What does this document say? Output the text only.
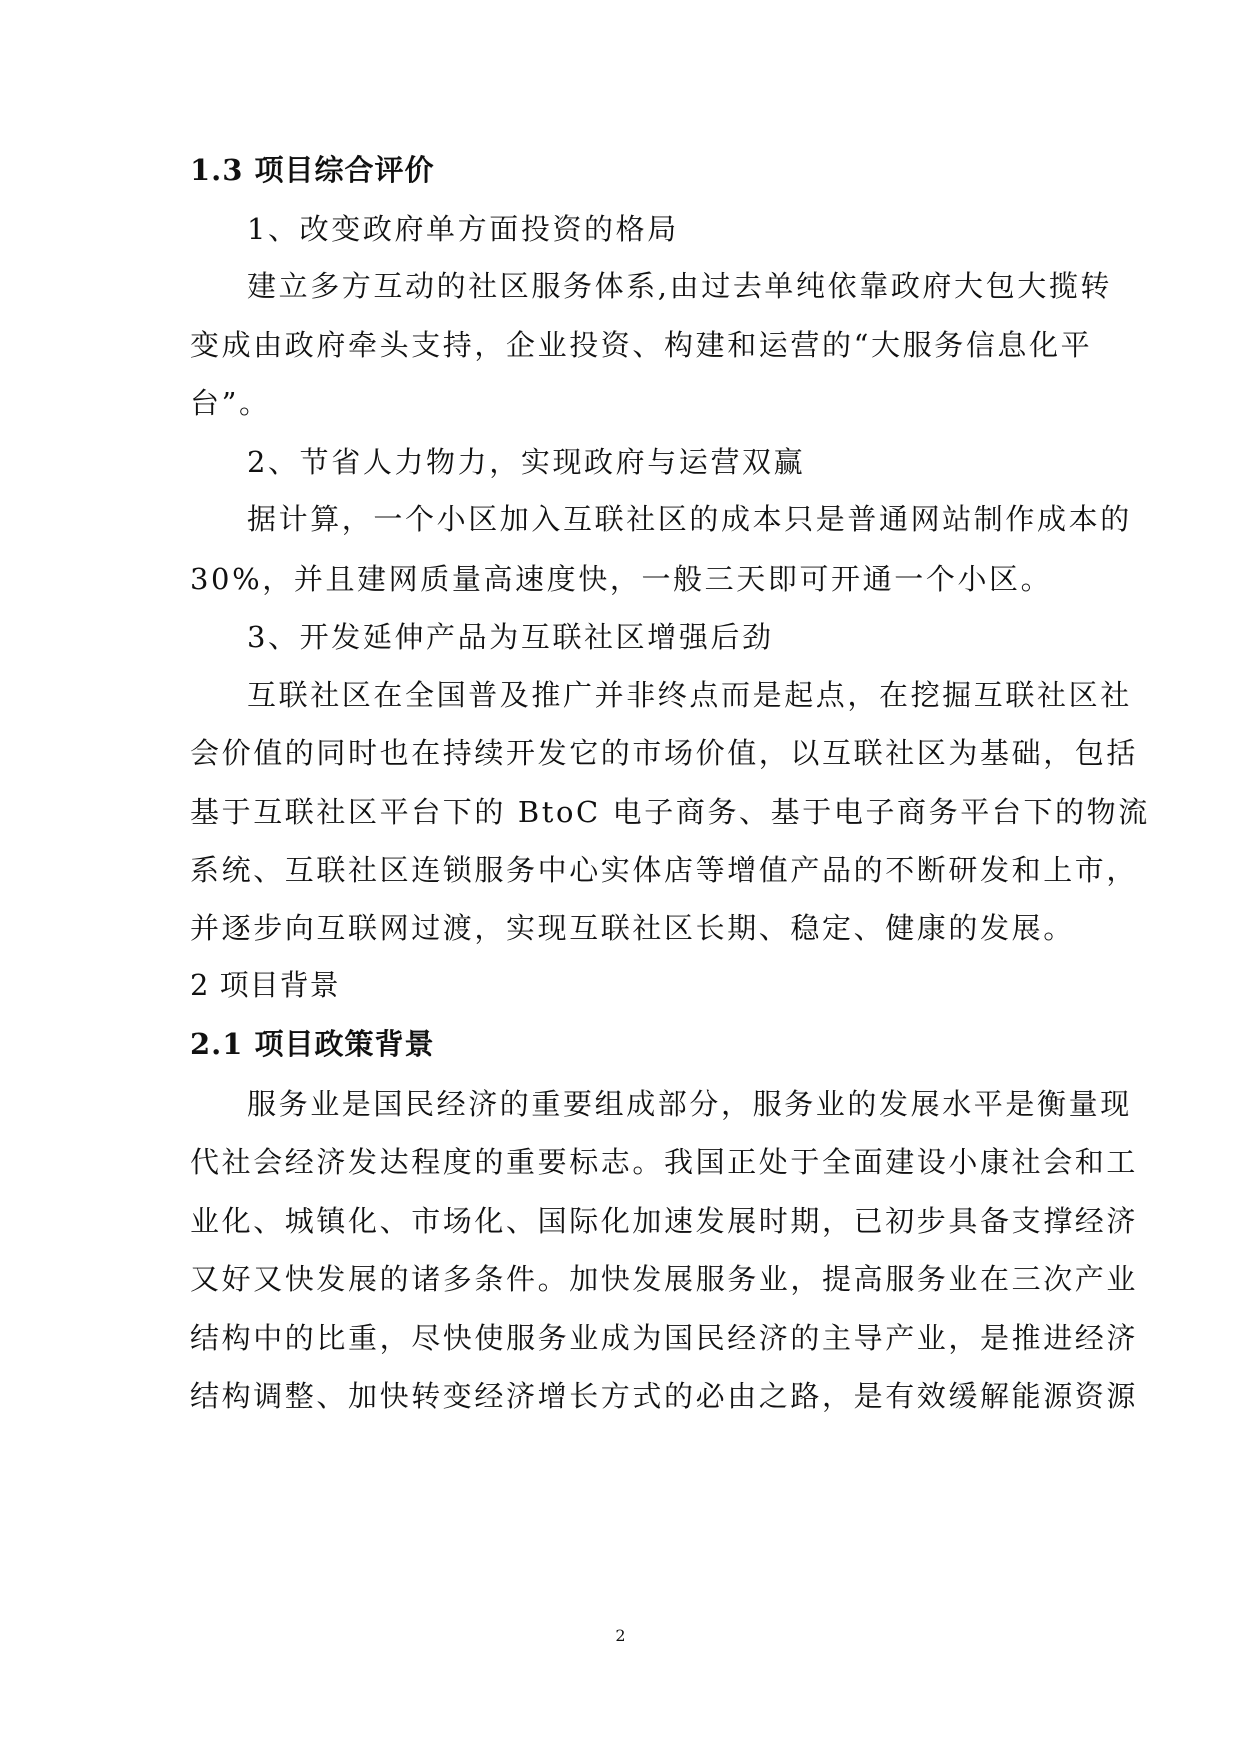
1.3 项目综合评价
1、改变政府单方面投资的格局
建立多方互动的社区服务体系,由过去单纯依靠政府大包大揽转
变成由政府牵头支持，企业投资、构建和运营的“大服务信息化平
台”。
2、节省人力物力，实现政府与运营双赢
据计算，一个小区加入互联社区的成本只是普通网站制作成本的
30%，并且建网质量高速度快，一般三天即可开通一个小区。
3、开发延伸产品为互联社区增强后劲
互联社区在全国普及推广并非终点而是起点，在挖掘互联社区社
会价值的同时也在持续开发它的市场价值，以互联社区为基础，包括
基于互联社区平台下的 BtoC 电子商务、基于电子商务平台下的物流
系统、互联社区连锁服务中心实体店等增值产品的不断研发和上市，
并逐步向互联网过渡，实现互联社区长期、稳定、健康的发展。
2 项目背景
2.1 项目政策背景
服务业是国民经济的重要组成部分，服务业的发展水平是衡量现
代社会经济发达程度的重要标志。我国正处于全面建设小康社会和工
业化、城镇化、市场化、国际化加速发展时期，已初步具备支撑经济
又好又快发展的诸多条件。加快发展服务业，提高服务业在三次产业
结构中的比重，尽快使服务业成为国民经济的主导产业，是推进经济
结构调整、加快转变经济增长方式的必由之路，是有效缓解能源资源
2
